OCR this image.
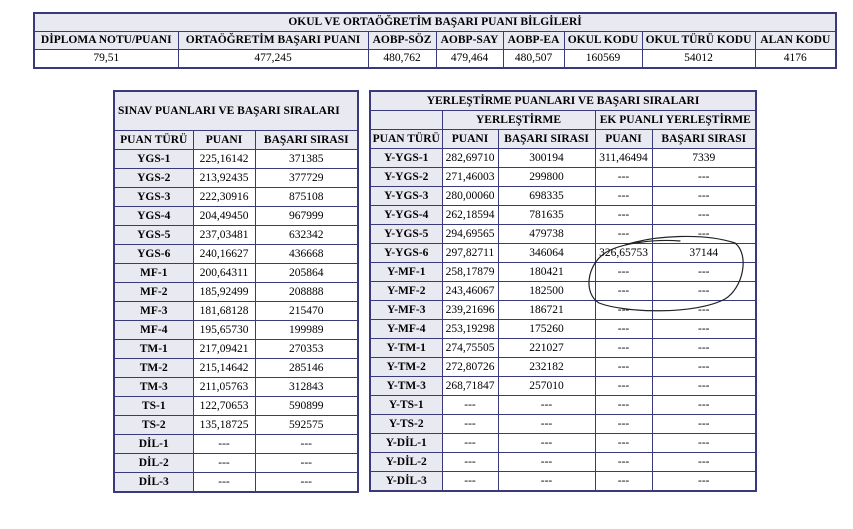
OKUL VE ORTAÖĞRETİM BAŞARI PUANI BİLGİLERİ							
DİPLOMA NOTU/PUANI	ORTAÖĞRETİM BAŞARI PUANI	AOBP-SÖZ	AOBP-SAY	AOBP-EA	OKUL KODU	OKUL TÜRÜ KODU	ALAN KODU
79,51	477,245	480,762	479,464	480,507	160569	54012	4176
SINAV PUANLARI VE BAŞARI SIRALARI		
PUAN TÜRÜ	PUANI	BAŞARI SIRASI
YGS-1	225,16142	371385
YGS-2	213,92435	377729
YGS-3	222,30916	875108
YGS-4	204,49450	967999
YGS-5	237,03481	632342
YGS-6	240,16627	436668
MF-1	200,64311	205864
MF-2	185,92499	208888
MF-3	181,68128	215470
MF-4	195,65730	199989
TM-1	217,09421	270353
TM-2	215,14642	285146
TM-3	211,05763	312843
TS-1	122,70653	590899
TS-2	135,18725	592575
DİL-1	---	---
DİL-2	---	---
DİL-3	---	---
YERLEŞTİRME PUANLARI VE BAŞARI SIRALARI				
	YERLEŞTİRME		EK PUANLI YERLEŞTİRME	
PUAN TÜRÜ	PUANI	BAŞARI SIRASI	PUANI	BAŞARI SIRASI
Y-YGS-1	282,69710	300194	311,46494	7339
Y-YGS-2	271,46003	299800	---	---
Y-YGS-3	280,00060	698335	---	---
Y-YGS-4	262,18594	781635	---	---
Y-YGS-5	294,69565	479738	---	---
Y-YGS-6	297,82711	346064	326,65753	37144
Y-MF-1	258,17879	180421	---	---
Y-MF-2	243,46067	182500	---	---
Y-MF-3	239,21696	186721	---	---
Y-MF-4	253,19298	175260	---	---
Y-TM-1	274,75505	221027	---	---
Y-TM-2	272,80726	232182	---	---
Y-TM-3	268,71847	257010	---	---
Y-TS-1	---	---	---	---
Y-TS-2	---	---	---	---
Y-DİL-1	---	---	---	---
Y-DİL-2	---	---	---	---
Y-DİL-3	---	---	---	---
